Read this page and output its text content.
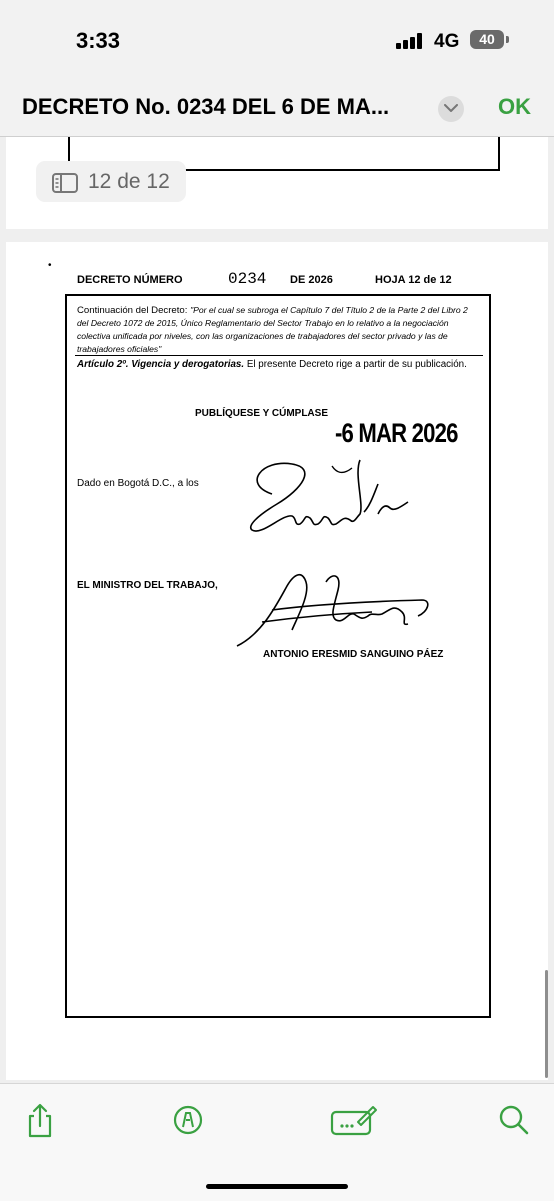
3:33	4G	40
DECRETO No. 0234 DEL 6 DE MA...	OK
12 de 12
•
DECRETO NÚMERO	0234 DE 2026	HOJA 12 de 12
Continuación del Decreto: "Por el cual se subroga el Capítulo 7 del Título 2 de la Parte 2 del Libro 2 del Decreto 1072 de 2015, Único Reglamentario del Sector Trabajo en lo relativo a la negociación colectiva unificada por niveles, con las organizaciones de trabajadores del sector privado y las de trabajadores oficiales"
Artículo 2º. Vigencia y derogatorias. El presente Decreto rige a partir de su publicación.
PUBLÍQUESE Y CÚMPLASE
-6 MAR 2026
Dado en Bogotá D.C., a los
EL MINISTRO DEL TRABAJO,
ANTONIO ERESMID SANGUINO PÁEZ
